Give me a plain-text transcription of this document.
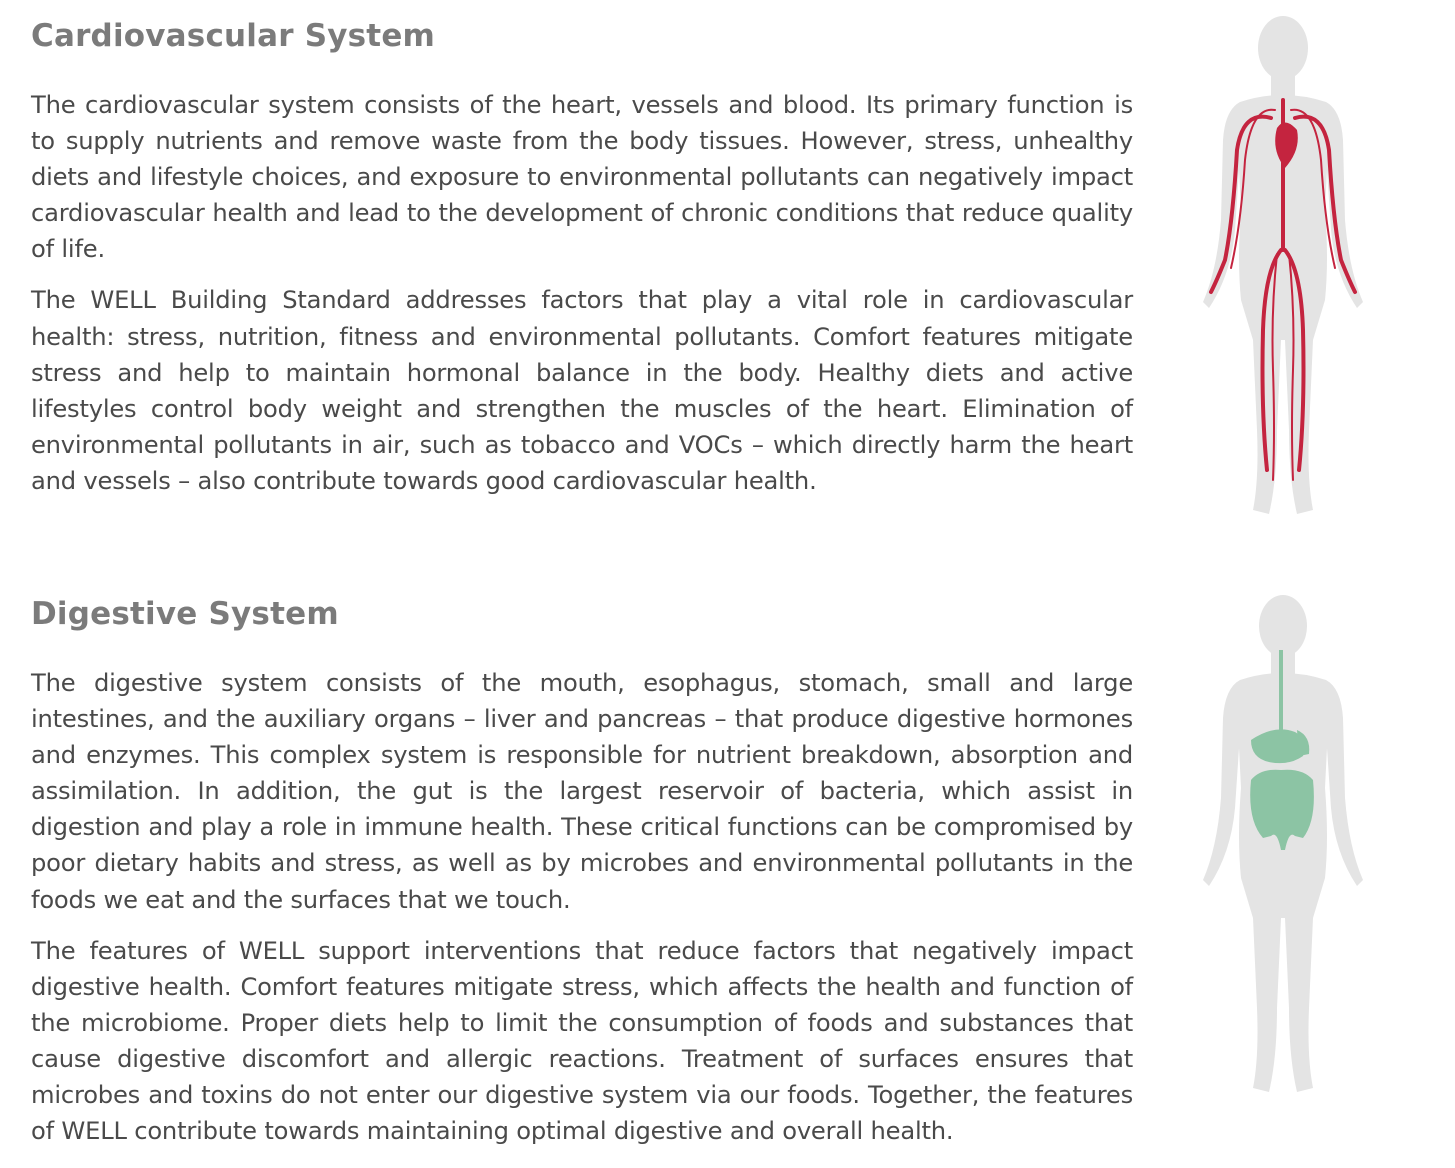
Cardiovascular System

The cardiovascular system consists of the heart, vessels and blood. Its primary function is to supply nutrients and remove waste from the body tissues. However, stress, unhealthy diets and lifestyle choices, and exposure to environmental pollutants can negatively impact cardiovascular health and lead to the development of chronic conditions that reduce quality of life.

The WELL Building Standard addresses factors that play a vital role in cardiovascular health: stress, nutrition, fitness and environmental pollutants. Comfort features mitigate stress and help to maintain hormonal balance in the body. Healthy diets and active lifestyles control body weight and strengthen the muscles of the heart. Elimination of environmental pollutants in air, such as tobacco and VOCs – which directly harm the heart and vessels – also contribute towards good cardiovascular health.

Digestive System

The digestive system consists of the mouth, esophagus, stomach, small and large intestines, and the auxiliary organs – liver and pancreas – that produce digestive hormones and enzymes. This complex system is responsible for nutrient breakdown, absorption and assimilation. In addition, the gut is the largest reservoir of bacteria, which assist in digestion and play a role in immune health. These critical functions can be compromised by poor dietary habits and stress, as well as by microbes and environmental pollutants in the foods we eat and the surfaces that we touch.

The features of WELL support interventions that reduce factors that negatively impact digestive health. Comfort features mitigate stress, which affects the health and function of the microbiome. Proper diets help to limit the consumption of foods and substances that cause digestive discomfort and allergic reactions. Treatment of surfaces ensures that microbes and toxins do not enter our digestive system via our foods. Together, the features of WELL contribute towards maintaining optimal digestive and overall health.
